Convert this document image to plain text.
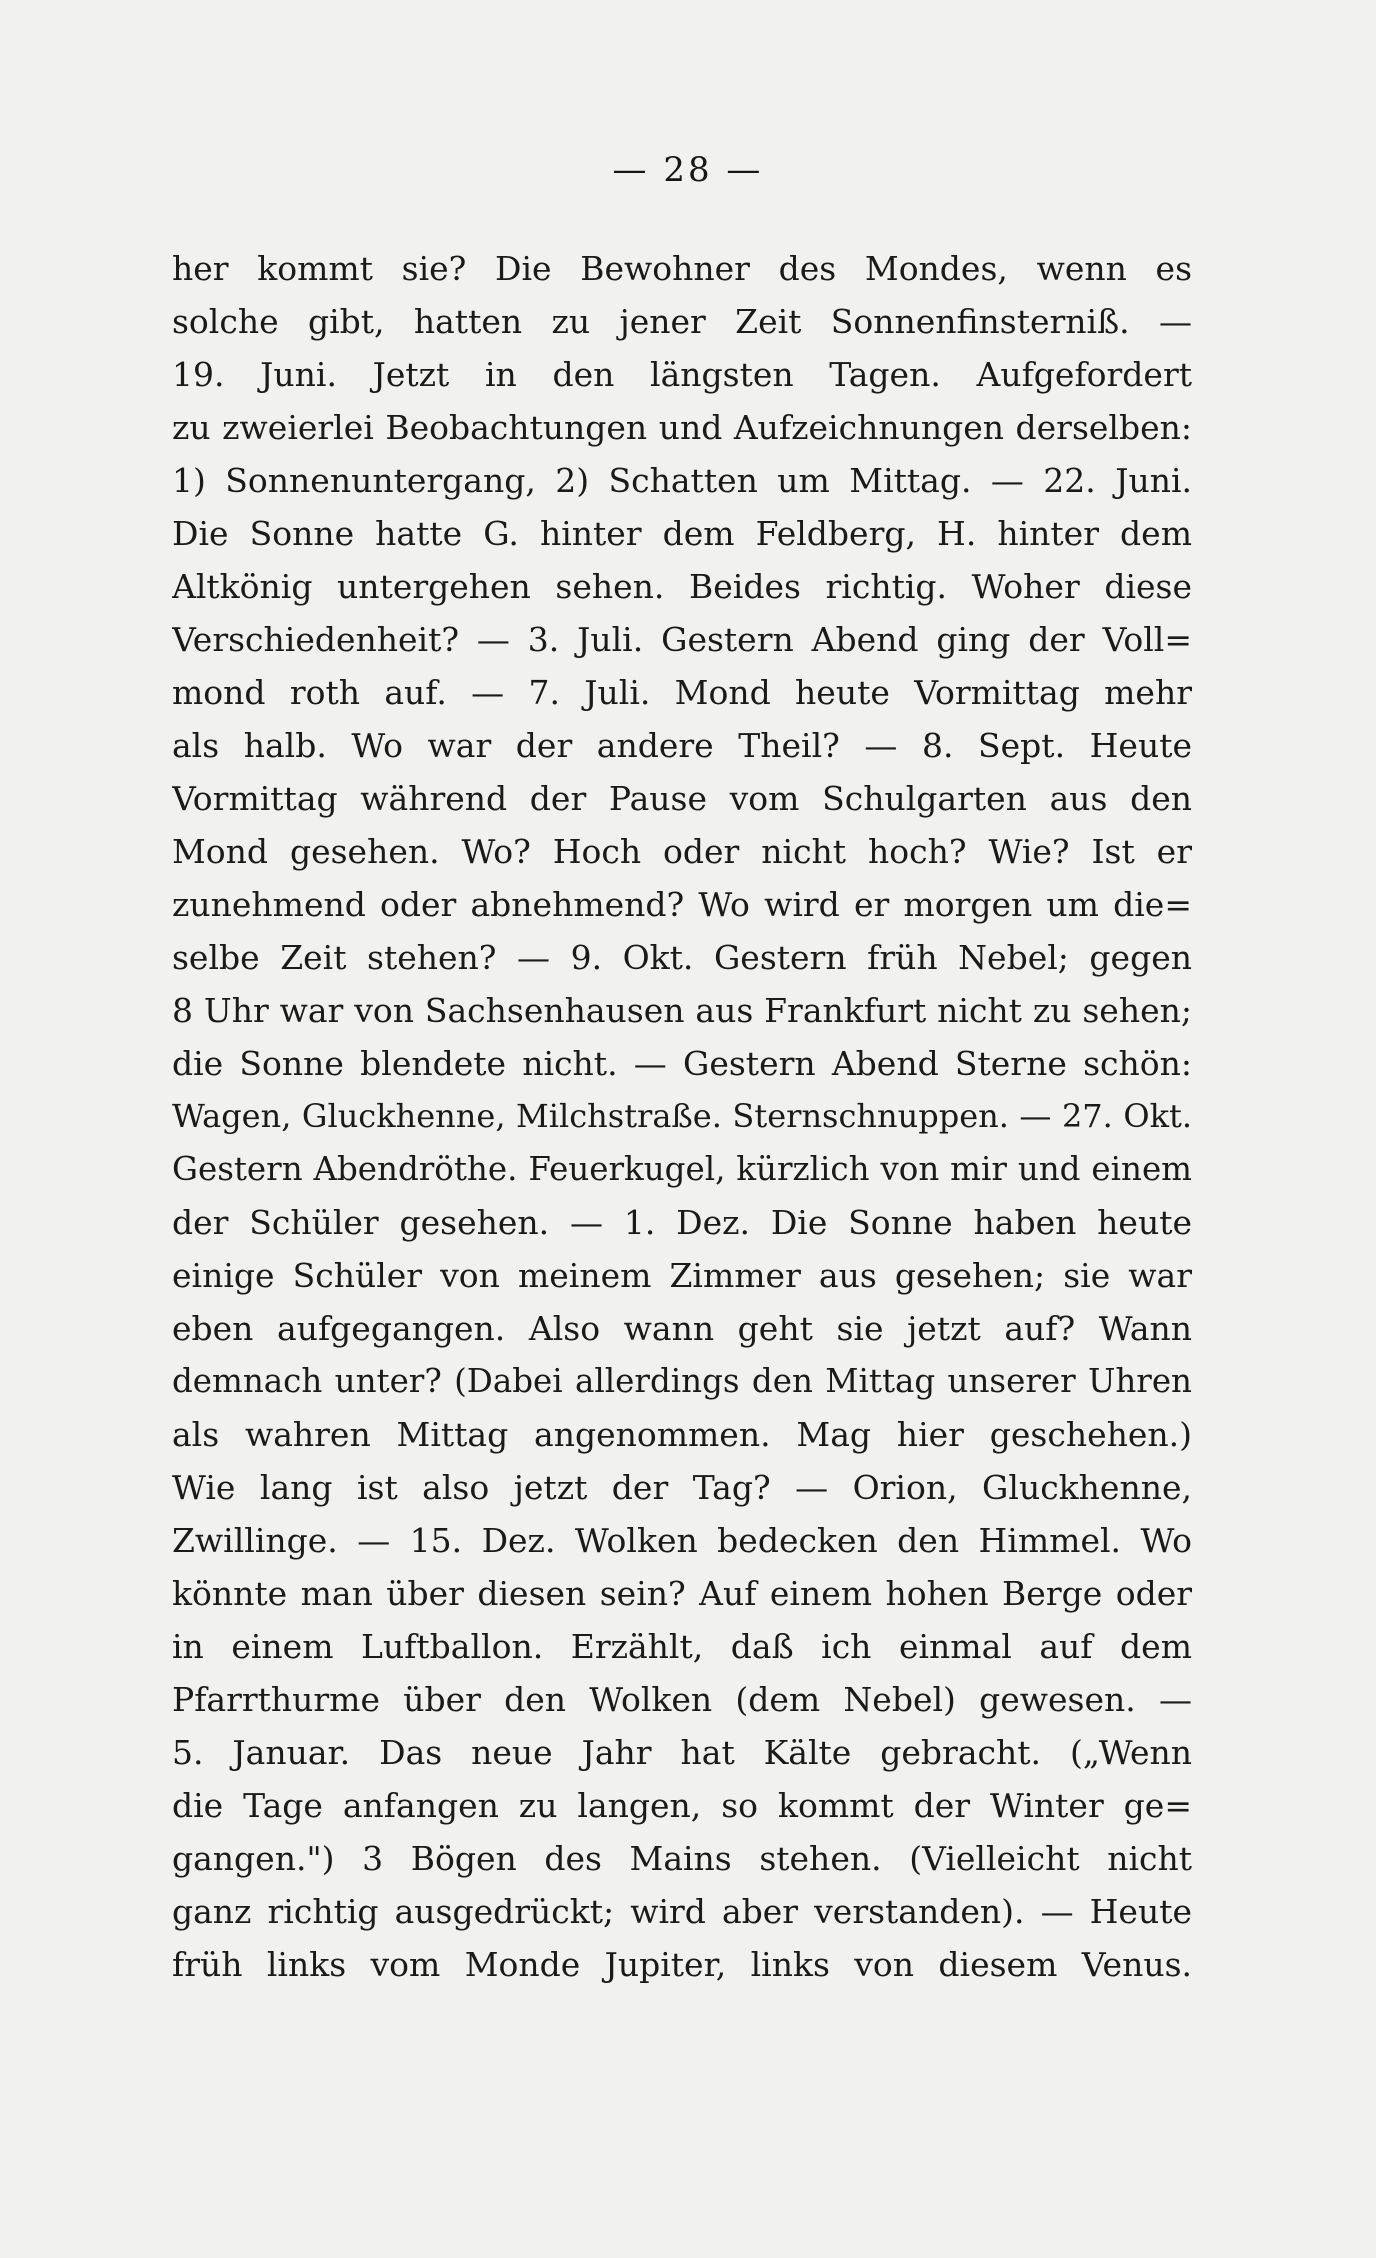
— 28 —
her kommt sie? Die Bewohner des Mondes, wenn es
solche gibt, hatten zu jener Zeit Sonnenfinsterniß. —
19. Juni. Jetzt in den längsten Tagen. Aufgefordert
zu zweierlei Beobachtungen und Aufzeichnungen derselben:
1) Sonnenuntergang, 2) Schatten um Mittag. — 22. Juni.
Die Sonne hatte G. hinter dem Feldberg, H. hinter dem
Altkönig untergehen sehen. Beides richtig. Woher diese
Verschiedenheit? — 3. Juli. Gestern Abend ging der Voll=
mond roth auf. — 7. Juli. Mond heute Vormittag mehr
als halb. Wo war der andere Theil? — 8. Sept. Heute
Vormittag während der Pause vom Schulgarten aus den
Mond gesehen. Wo? Hoch oder nicht hoch? Wie? Ist er
zunehmend oder abnehmend? Wo wird er morgen um die=
selbe Zeit stehen? — 9. Okt. Gestern früh Nebel; gegen
8 Uhr war von Sachsenhausen aus Frankfurt nicht zu sehen;
die Sonne blendete nicht. — Gestern Abend Sterne schön:
Wagen, Gluckhenne, Milchstraße. Sternschnuppen. — 27. Okt.
Gestern Abendröthe. Feuerkugel, kürzlich von mir und einem
der Schüler gesehen. — 1. Dez. Die Sonne haben heute
einige Schüler von meinem Zimmer aus gesehen; sie war
eben aufgegangen. Also wann geht sie jetzt auf? Wann
demnach unter? (Dabei allerdings den Mittag unserer Uhren
als wahren Mittag angenommen. Mag hier geschehen.)
Wie lang ist also jetzt der Tag? — Orion, Gluckhenne,
Zwillinge. — 15. Dez. Wolken bedecken den Himmel. Wo
könnte man über diesen sein? Auf einem hohen Berge oder
in einem Luftballon. Erzählt, daß ich einmal auf dem
Pfarrthurme über den Wolken (dem Nebel) gewesen. —
5. Januar. Das neue Jahr hat Kälte gebracht. („Wenn
die Tage anfangen zu langen, so kommt der Winter ge=
gangen.") 3 Bögen des Mains stehen. (Vielleicht nicht
ganz richtig ausgedrückt; wird aber verstanden). — Heute
früh links vom Monde Jupiter, links von diesem Venus.
